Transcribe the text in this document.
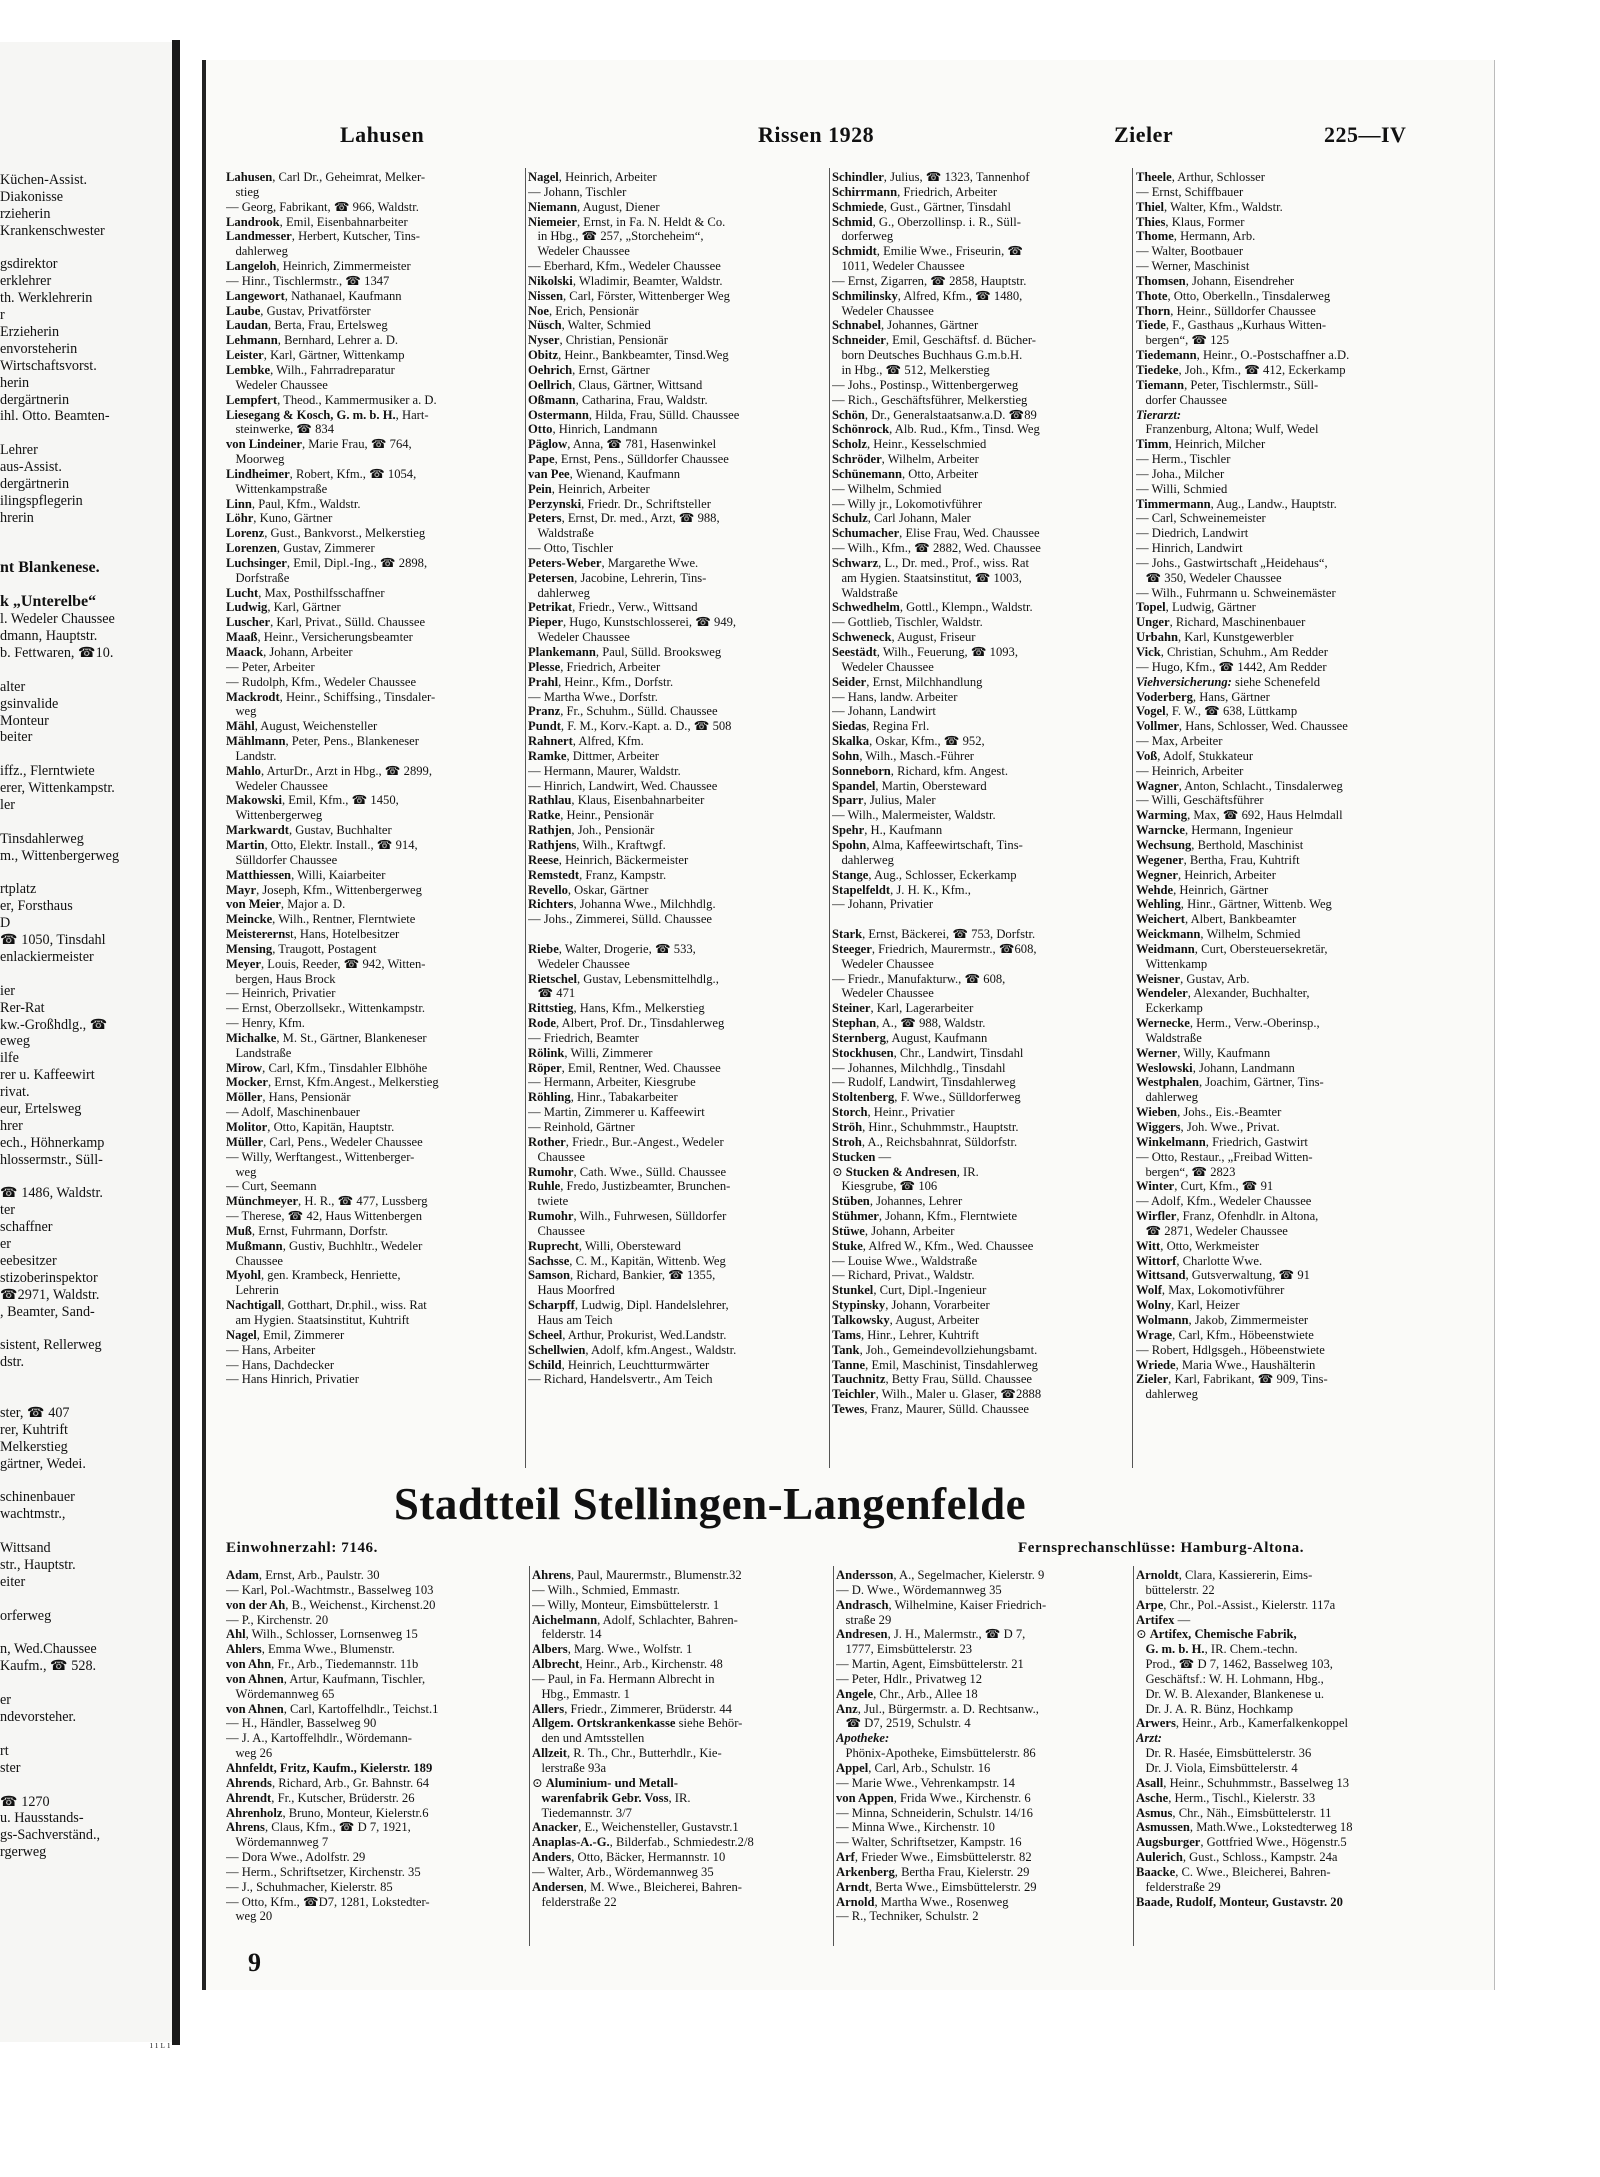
Küchen-Assist.
Diakonisse
rzieherin
Krankenschwester

gsdirektor
erklehrer
th. Werklehrerin
r
Erzieherin
envorsteherin
Wirtschaftsvorst.
herin
dergärtnerin
ihl. Otto. Beamten-

Lehrer
aus-Assist.
dergärtnerin
ilingspflegerin
hrerin

nt Blankenese.

k „Unterelbe“
l. Wedeler Chaussee
dmann, Hauptstr.
b. Fettwaren, ☎10.

alter
gsinvalide
Monteur
beiter

iffz., Flerntwiete
erer, Wittenkampstr.
ler

Tinsdahlerweg
m., Wittenbergerweg

rtplatz
er, Forsthaus
D
☎ 1050, Tinsdahl
enlackiermeister

ier
Rer-Rat
kw.-Großhdlg., ☎
eweg
ilfe
rer u. Kaffeewirt
rivat.
eur, Ertelsweg
hrer
ech., Höhnerkamp
hlossermstr., Süll-

☎ 1486, Waldstr.
ter
schaffner
er
eebesitzer
stizoberinspektor
☎2971, Waldstr.
, Beamter, Sand-

sistent, Rellerweg
dstr.

ster, ☎ 407
rer, Kuhtrift
Melkerstieg
gärtner, Wedei.

schinenbauer
wachtmstr.,

Wittsand
str., Hauptstr.
eiter

orferweg

n, Wed.Chaussee
Kaufm., ☎ 528.

er
ndevorsteher.

rt
ster

☎ 1270
u. Hausstands-
gs-Sachverständ.,
rgerweg
Lahusen	Rissen 1928	Zieler	225—IV
Lahusen, Carl Dr., Geheimrat, Melker-
stieg
— Georg, Fabrikant, ☎ 966, Waldstr.
Landrook, Emil, Eisenbahnarbeiter
Landmesser, Herbert, Kutscher, Tins-
dahlerweg
Langeloh, Heinrich, Zimmermeister
— Hinr., Tischlermstr., ☎ 1347
Langewort, Nathanael, Kaufmann
Laube, Gustav, Privatförster
Laudan, Berta, Frau, Ertelsweg
Lehmann, Bernhard, Lehrer a. D.
Leister, Karl, Gärtner, Wittenkamp
Lembke, Wilh., Fahrradreparatur
Wedeler Chaussee
Lempfert, Theod., Kammermusiker a. D.
Liesegang & Kosch, G. m. b. H., Hart-
steinwerke, ☎ 834
von Lindeiner, Marie Frau, ☎ 764,
Moorweg
Lindheimer, Robert, Kfm., ☎ 1054,
Wittenkampstraße
Linn, Paul, Kfm., Waldstr.
Löhr, Kuno, Gärtner
Lorenz, Gust., Bankvorst., Melkerstieg
Lorenzen, Gustav, Zimmerer
Luchsinger, Emil, Dipl.-Ing., ☎ 2898,
Dorfstraße
Lucht, Max, Posthilfsschaffner
Ludwig, Karl, Gärtner
Luscher, Karl, Privat., Sülld. Chaussee
Maaß, Heinr., Versicherungsbeamter
Maack, Johann, Arbeiter
— Peter, Arbeiter
— Rudolph, Kfm., Wedeler Chaussee
Mackrodt, Heinr., Schiffsing., Tinsdaler-
weg
Mähl, August, Weichensteller
Mählmann, Peter, Pens., Blankeneser
Landstr.
Mahlo, ArturDr., Arzt in Hbg., ☎ 2899,
Wedeler Chaussee
Makowski, Emil, Kfm., ☎ 1450,
Wittenbergerweg
Markwardt, Gustav, Buchhalter
Martin, Otto, Elektr. Install., ☎ 914,
Sülldorfer Chaussee
Matthiessen, Willi, Kaiarbeiter
Mayr, Joseph, Kfm., Wittenbergerweg
von Meier, Major a. D.
Meincke, Wilh., Rentner, Flerntwiete
Meisterernst, Hans, Hotelbesitzer
Mensing, Traugott, Postagent
Meyer, Louis, Reeder, ☎ 942, Witten-
bergen, Haus Brock
— Heinrich, Privatier
— Ernst, Oberzollsekr., Wittenkampstr.
— Henry, Kfm.
Michalke, M. St., Gärtner, Blankeneser
Landstraße
Mirow, Carl, Kfm., Tinsdahler Elbhöhe
Mocker, Ernst, Kfm.Angest., Melkerstieg
Möller, Hans, Pensionär
— Adolf, Maschinenbauer
Molitor, Otto, Kapitän, Hauptstr.
Müller, Carl, Pens., Wedeler Chaussee
— Willy, Werftangest., Wittenberger-
weg
— Curt, Seemann
Münchmeyer, H. R., ☎ 477, Lussberg
— Therese, ☎ 42, Haus Wittenbergen
Muß, Ernst, Fuhrmann, Dorfstr.
Mußmann, Gustiv, Buchhltr., Wedeler
Chaussee
Myohl, gen. Krambeck, Henriette,
Lehrerin
Nachtigall, Gotthart, Dr.phil., wiss. Rat
am Hygien. Staatsinstitut, Kuhtrift
Nagel, Emil, Zimmerer
— Hans, Arbeiter
— Hans, Dachdecker
— Hans Hinrich, Privatier
Nagel, Heinrich, Arbeiter
— Johann, Tischler
Niemann, August, Diener
Niemeier, Ernst, in Fa. N. Heldt & Co.
in Hbg., ☎ 257, „Storcheheim“,
Wedeler Chaussee
— Eberhard, Kfm., Wedeler Chaussee
Nikolski, Wladimir, Beamter, Waldstr.
Nissen, Carl, Förster, Wittenberger Weg
Noe, Erich, Pensionär
Nüsch, Walter, Schmied
Nyser, Christian, Pensionär
Obitz, Heinr., Bankbeamter, Tinsd.Weg
Oehrich, Ernst, Gärtner
Oellrich, Claus, Gärtner, Wittsand
Oßmann, Catharina, Frau, Waldstr.
Ostermann, Hilda, Frau, Sülld. Chaussee
Otto, Hinrich, Landmann
Päglow, Anna, ☎ 781, Hasenwinkel
Pape, Ernst, Pens., Sülldorfer Chaussee
van Pee, Wienand, Kaufmann
Pein, Heinrich, Arbeiter
Perzynski, Friedr. Dr., Schriftsteller
Peters, Ernst, Dr. med., Arzt, ☎ 988,
Waldstraße
— Otto, Tischler
Peters-Weber, Margarethe Wwe.
Petersen, Jacobine, Lehrerin, Tins-
dahlerweg
Petrikat, Friedr., Verw., Wittsand
Pieper, Hugo, Kunstschlosserei, ☎ 949,
Wedeler Chaussee
Plankemann, Paul, Sülld. Brooksweg
Plesse, Friedrich, Arbeiter
Prahl, Heinr., Kfm., Dorfstr.
— Martha Wwe., Dorfstr.
Pranz, Fr., Schuhm., Sülld. Chaussee
Pundt, F. M., Korv.-Kapt. a. D., ☎ 508
Rahnert, Alfred, Kfm.
Ramke, Dittmer, Arbeiter
— Hermann, Maurer, Waldstr.
— Hinrich, Landwirt, Wed. Chaussee
Rathlau, Klaus, Eisenbahnarbeiter
Ratke, Heinr., Pensionär
Rathjen, Joh., Pensionär
Rathjens, Wilh., Kraftwgf.
Reese, Heinrich, Bäckermeister
Remstedt, Franz, Kampstr.
Revello, Oskar, Gärtner
Richters, Johanna Wwe., Milchhdlg.
— Johs., Zimmerei, Sülld. Chaussee

Riebe, Walter, Drogerie, ☎ 533,
Wedeler Chaussee
Rietschel, Gustav, Lebensmittelhdlg.,
☎ 471
Rittstieg, Hans, Kfm., Melkerstieg
Rode, Albert, Prof. Dr., Tinsdahlerweg
— Friedrich, Beamter
Rölink, Willi, Zimmerer
Röper, Emil, Rentner, Wed. Chaussee
— Hermann, Arbeiter, Kiesgrube
Röhling, Hinr., Tabakarbeiter
— Martin, Zimmerer u. Kaffeewirt
— Reinhold, Gärtner
Rother, Friedr., Bur.-Angest., Wedeler
Chaussee
Rumohr, Cath. Wwe., Sülld. Chaussee
Ruhle, Fredo, Justizbeamter, Brunchen-
twiete
Rumohr, Wilh., Fuhrwesen, Sülldorfer
Chaussee
Ruprecht, Willi, Obersteward
Sachsse, C. M., Kapitän, Wittenb. Weg
Samson, Richard, Bankier, ☎ 1355,
Haus Moorfred
Scharpff, Ludwig, Dipl. Handelslehrer,
Haus am Teich
Scheel, Arthur, Prokurist, Wed.Landstr.
Schellwien, Adolf, kfm.Angest., Waldstr.
Schild, Heinrich, Leuchtturmwärter
— Richard, Handelsvertr., Am Teich
Schindler, Julius, ☎ 1323, Tannenhof
Schirrmann, Friedrich, Arbeiter
Schmiede, Gust., Gärtner, Tinsdahl
Schmid, G., Oberzollinsp. i. R., Süll-
dorferweg
Schmidt, Emilie Wwe., Friseurin, ☎
1011, Wedeler Chaussee
— Ernst, Zigarren, ☎ 2858, Hauptstr.
Schmilinsky, Alfred, Kfm., ☎ 1480,
Wedeler Chaussee
Schnabel, Johannes, Gärtner
Schneider, Emil, Geschäftsf. d. Bücher-
born Deutsches Buchhaus G.m.b.H.
in Hbg., ☎ 512, Melkerstieg
— Johs., Postinsp., Wittenbergerweg
— Rich., Geschäftsführer, Melkerstieg
Schön, Dr., Generalstaatsanw.a.D. ☎89
Schönrock, Alb. Rud., Kfm., Tinsd. Weg
Scholz, Heinr., Kesselschmied
Schröder, Wilhelm, Arbeiter
Schünemann, Otto, Arbeiter
— Wilhelm, Schmied
— Willy jr., Lokomotivführer
Schulz, Carl Johann, Maler
Schumacher, Elise Frau, Wed. Chaussee
— Wilh., Kfm., ☎ 2882, Wed. Chaussee
Schwarz, L., Dr. med., Prof., wiss. Rat
am Hygien. Staatsinstitut, ☎ 1003,
Waldstraße
Schwedhelm, Gottl., Klempn., Waldstr.
— Gottlieb, Tischler, Waldstr.
Schweneck, August, Friseur
Seestädt, Wilh., Feuerung, ☎ 1093,
Wedeler Chaussee
Seider, Ernst, Milchhandlung
— Hans, landw. Arbeiter
— Johann, Landwirt
Siedas, Regina Frl.
Skalka, Oskar, Kfm., ☎ 952,
Sohn, Wilh., Masch.-Führer
Sonneborn, Richard, kfm. Angest.
Spandel, Martin, Obersteward
Sparr, Julius, Maler
— Wilh., Malermeister, Waldstr.
Spehr, H., Kaufmann
Spohn, Alma, Kaffeewirtschaft, Tins-
dahlerweg
Stange, Aug., Schlosser, Eckerkamp
Stapelfeldt, J. H. K., Kfm.,
— Johann, Privatier

Stark, Ernst, Bäckerei, ☎ 753, Dorfstr.
Steeger, Friedrich, Maurermstr., ☎608,
Wedeler Chaussee
— Friedr., Manufakturw., ☎ 608,
Wedeler Chaussee
Steiner, Karl, Lagerarbeiter
Stephan, A., ☎ 988, Waldstr.
Sternberg, August, Kaufmann
Stockhusen, Chr., Landwirt, Tinsdahl
— Johannes, Milchhdlg., Tinsdahl
— Rudolf, Landwirt, Tinsdahlerweg
Stoltenberg, F. Wwe., Sülldorferweg
Storch, Heinr., Privatier
Ströh, Hinr., Schuhmmstr., Hauptstr.
Stroh, A., Reichsbahnrat, Süldorfstr.
Stucken —
⊙ Stucken & Andresen, IR.
Kiesgrube, ☎ 106
Stüben, Johannes, Lehrer
Stühmer, Johann, Kfm., Flerntwiete
Stüwe, Johann, Arbeiter
Stuke, Alfred W., Kfm., Wed. Chaussee
— Louise Wwe., Waldstraße
— Richard, Privat., Waldstr.
Stunkel, Curt, Dipl.-Ingenieur
Stypinsky, Johann, Vorarbeiter
Talkowsky, August, Arbeiter
Tams, Hinr., Lehrer, Kuhtrift
Tank, Joh., Gemeindevollziehungsbamt.
Tanne, Emil, Maschinist, Tinsdahlerweg
Tauchnitz, Betty Frau, Sülld. Chaussee
Teichler, Wilh., Maler u. Glaser, ☎2888
Tewes, Franz, Maurer, Sülld. Chaussee
Theele, Arthur, Schlosser
— Ernst, Schiffbauer
Thiel, Walter, Kfm., Waldstr.
Thies, Klaus, Former
Thome, Hermann, Arb.
— Walter, Bootbauer
— Werner, Maschinist
Thomsen, Johann, Eisendreher
Thote, Otto, Oberkelln., Tinsdalerweg
Thorn, Heinr., Sülldorfer Chaussee
Tiede, F., Gasthaus „Kurhaus Witten-
bergen“, ☎ 125
Tiedemann, Heinr., O.-Postschaffner a.D.
Tiedeke, Joh., Kfm., ☎ 412, Eckerkamp
Tiemann, Peter, Tischlermstr., Süll-
dorfer Chaussee
Tierarzt:
Franzenburg, Altona; Wulf, Wedel
Timm, Heinrich, Milcher
— Herm., Tischler
— Joha., Milcher
— Willi, Schmied
Timmermann, Aug., Landw., Hauptstr.
— Carl, Schweinemeister
— Diedrich, Landwirt
— Hinrich, Landwirt
— Johs., Gastwirtschaft „Heidehaus“,
☎ 350, Wedeler Chaussee
— Wilh., Fuhrmann u. Schweinemäster
Topel, Ludwig, Gärtner
Unger, Richard, Maschinenbauer
Urbahn, Karl, Kunstgewerbler
Vick, Christian, Schuhm., Am Redder
— Hugo, Kfm., ☎ 1442, Am Redder
Viehversicherung: siehe Schenefeld
Voderberg, Hans, Gärtner
Vogel, F. W., ☎ 638, Lüttkamp
Vollmer, Hans, Schlosser, Wed. Chaussee
— Max, Arbeiter
Voß, Adolf, Stukkateur
— Heinrich, Arbeiter
Wagner, Anton, Schlacht., Tinsdalerweg
— Willi, Geschäftsführer
Warming, Max, ☎ 692, Haus Helmdall
Warncke, Hermann, Ingenieur
Wechsung, Berthold, Maschinist
Wegener, Bertha, Frau, Kuhtrift
Wegner, Heinrich, Arbeiter
Wehde, Heinrich, Gärtner
Wehling, Hinr., Gärtner, Wittenb. Weg
Weichert, Albert, Bankbeamter
Weickmann, Wilhelm, Schmied
Weidmann, Curt, Obersteuersekretär,
Wittenkamp
Weisner, Gustav, Arb.
Wendeler, Alexander, Buchhalter,
Eckerkamp
Wernecke, Herm., Verw.-Oberinsp.,
Waldstraße
Werner, Willy, Kaufmann
Weslowski, Johann, Landmann
Westphalen, Joachim, Gärtner, Tins-
dahlerweg
Wieben, Johs., Eis.-Beamter
Wiggers, Joh. Wwe., Privat.
Winkelmann, Friedrich, Gastwirt
— Otto, Restaur., „Freibad Witten-
bergen“, ☎ 2823
Winter, Curt, Kfm., ☎ 91
— Adolf, Kfm., Wedeler Chaussee
Wirfler, Franz, Ofenhdlr. in Altona,
☎ 2871, Wedeler Chaussee
Witt, Otto, Werkmeister
Wittorf, Charlotte Wwe.
Wittsand, Gutsverwaltung, ☎ 91
Wolf, Max, Lokomotivführer
Wolny, Karl, Heizer
Wolmann, Jakob, Zimmermeister
Wrage, Carl, Kfm., Höbeenstwiete
— Robert, Hdlgsgeh., Höbeenstwiete
Wriede, Maria Wwe., Haushälterin
Zieler, Karl, Fabrikant, ☎ 909, Tins-
dahlerweg
Stadtteil Stellingen-Langenfelde
Einwohnerzahl: 7146.	Fernsprechanschlüsse: Hamburg-Altona.
Adam, Ernst, Arb., Paulstr. 30
— Karl, Pol.-Wachtmstr., Basselweg 103
von der Ah, B., Weichenst., Kirchenst.20
— P., Kirchenstr. 20
Ahl, Wilh., Schlosser, Lornsenweg 15
Ahlers, Emma Wwe., Blumenstr.
von Ahn, Fr., Arb., Tiedemannstr. 11b
von Ahnen, Artur, Kaufmann, Tischler,
Wördemannweg 65
von Ahnen, Carl, Kartoffelhdlr., Teichst.1
— H., Händler, Basselweg 90
— J. A., Kartoffelhdlr., Wördemann-
weg 26
Ahnfeldt, Fritz, Kaufm., Kielerstr. 189
Ahrends, Richard, Arb., Gr. Bahnstr. 64
Ahrendt, Fr., Kutscher, Brüderstr. 26
Ahrenholz, Bruno, Monteur, Kielerstr.6
Ahrens, Claus, Kfm., ☎ D 7, 1921,
Wördemannweg 7
— Dora Wwe., Adolfstr. 29
— Herm., Schriftsetzer, Kirchenstr. 35
— J., Schuhmacher, Kielerstr. 85
— Otto, Kfm., ☎D7, 1281, Lokstedter-
weg 20
Ahrens, Paul, Maurermstr., Blumenstr.32
— Wilh., Schmied, Emmastr.
— Willy, Monteur, Eimsbüttelerstr. 1
Aichelmann, Adolf, Schlachter, Bahren-
felderstr. 14
Albers, Marg. Wwe., Wolfstr. 1
Albrecht, Heinr., Arb., Kirchenstr. 48
— Paul, in Fa. Hermann Albrecht in
Hbg., Emmastr. 1
Allers, Friedr., Zimmerer, Brüderstr. 44
Allgem. Ortskrankenkasse siehe Behör-
den und Amtsstellen
Allzeit, R. Th., Chr., Butterhdlr., Kie-
lerstraße 93a
⊙ Aluminium- und Metall-
warenfabrik Gebr. Voss, IR.
Tiedemannstr. 3/7
Anacker, E., Weichensteller, Gustavstr.1
Anaplas-A.-G., Bilderfab., Schmiedestr.2/8
Anders, Otto, Bäcker, Hermannstr. 10
— Walter, Arb., Wördemannweg 35
Andersen, M. Wwe., Bleicherei, Bahren-
felderstraße 22
Andersson, A., Segelmacher, Kielerstr. 9
— D. Wwe., Wördemannweg 35
Andrasch, Wilhelmine, Kaiser Friedrich-
straße 29
Andresen, J. H., Malermstr., ☎ D 7,
1777, Eimsbüttelerstr. 23
— Martin, Agent, Eimsbüttelerstr. 21
— Peter, Hdlr., Privatweg 12
Angele, Chr., Arb., Allee 18
Anz, Jul., Bürgermstr. a. D. Rechtsanw.,
☎ D7, 2519, Schulstr. 4
Apotheke:
Phönix-Apotheke, Eimsbüttelerstr. 86
Appel, Carl, Arb., Schulstr. 16
— Marie Wwe., Vehrenkampstr. 14
von Appen, Frida Wwe., Kirchenstr. 6
— Minna, Schneiderin, Schulstr. 14/16
— Minna Wwe., Kirchenstr. 10
— Walter, Schriftsetzer, Kampstr. 16
Arf, Frieder Wwe., Eimsbüttelerstr. 82
Arkenberg, Bertha Frau, Kielerstr. 29
Arndt, Berta Wwe., Eimsbüttelerstr. 29
Arnold, Martha Wwe., Rosenweg
— R., Techniker, Schulstr. 2
Arnoldt, Clara, Kassiererin, Eims-
büttelerstr. 22
Arpe, Chr., Pol.-Assist., Kielerstr. 117a
Artifex —
⊙ Artifex, Chemische Fabrik,
G. m. b. H., IR. Chem.-techn.
Prod., ☎ D 7, 1462, Basselweg 103,
Geschäftsf.: W. H. Lohmann, Hbg.,
Dr. W. B. Alexander, Blankenese u.
Dr. J. A. R. Bünz, Hochkamp
Arwers, Heinr., Arb., Kamerfalkenkoppel
Arzt:
Dr. R. Hasée, Eimsbüttelerstr. 36
Dr. J. Viola, Eimsbüttelerstr. 4
Asall, Heinr., Schuhmmstr., Basselweg 13
Asche, Herm., Tischl., Kielerstr. 33
Asmus, Chr., Näh., Eimsbüttelerstr. 11
Asmussen, Math.Wwe., Lokstedterweg 18
Augsburger, Gottfried Wwe., Högenstr.5
Aulerich, Gust., Schloss., Kampstr. 24a
Baacke, C. Wwe., Bleicherei, Bahren-
felderstraße 29
Baade, Rudolf, Monteur, Gustavstr. 20
9
ı ı ʟ ı
